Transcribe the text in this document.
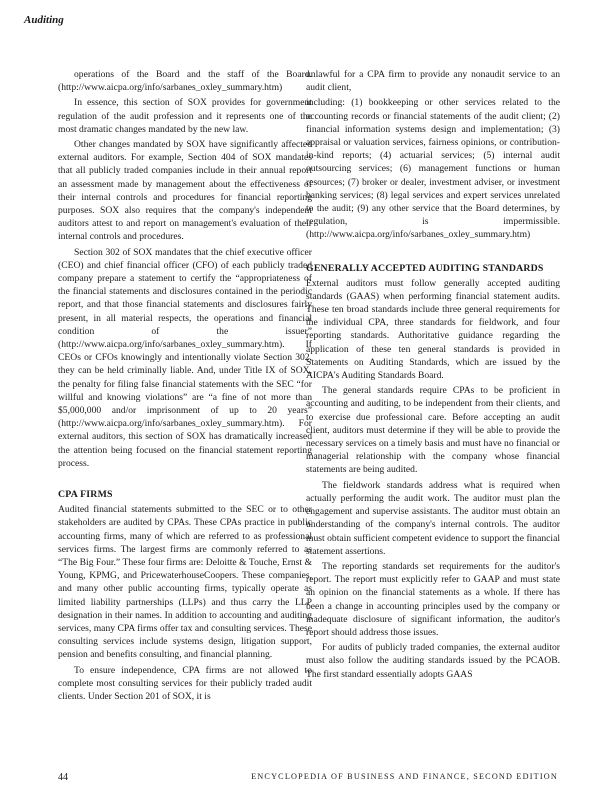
Auditing

operations of the Board and the staff of the Board. (http://www.aicpa.org/info/sarbanes_oxley_summary.htm)

In essence, this section of SOX provides for government regulation of the audit profession and it represents one of the most dramatic changes mandated by the new law.

Other changes mandated by SOX have significantly affected external auditors. For example, Section 404 of SOX mandates that all publicly traded companies include in their annual report an assessment made by management about the effectiveness of their internal controls and procedures for financial reporting purposes. SOX also requires that the company's independent auditors attest to and report on management's evaluation of their internal controls and procedures.

Section 302 of SOX mandates that the chief executive officer (CEO) and chief financial officer (CFO) of each publicly traded company prepare a statement to certify the “appropriateness of the financial statements and disclosures contained in the periodic report, and that those financial statements and disclosures fairly present, in all material respects, the operations and financial condition of the issuer” (http://www.aicpa.org/info/sarbanes_oxley_summary.htm). If CEOs or CFOs knowingly and intentionally violate Section 302, they can be held criminally liable. And, under Title IX of SOX, the penalty for filing false financial statements with the SEC “for willful and knowing violations” are “a fine of not more than $5,000,000 and/or imprisonment of up to 20 years” (http://www.aicpa.org/info/sarbanes_oxley_summary.htm). For external auditors, this section of SOX has dramatically increased the attention being focused on the financial statement reporting process.

CPA FIRMS

Audited financial statements submitted to the SEC or to other stakeholders are audited by CPAs. These CPAs practice in public accounting firms, many of which are referred to as professional services firms. The largest firms are commonly referred to as “The Big Four.” These four firms are: Deloitte & Touche, Ernst & Young, KPMG, and PricewaterhouseCoopers. These companies, and many other public accounting firms, typically operate as limited liability partnerships (LLPs) and thus carry the LLP designation in their names. In addition to accounting and auditing services, many CPA firms offer tax and consulting services. These consulting services include systems design, litigation support, pension and benefits consulting, and financial planning.

To ensure independence, CPA firms are not allowed to complete most consulting services for their publicly traded audit clients. Under Section 201 of SOX, it is

unlawful for a CPA firm to provide any nonaudit service to an audit client,

including: (1) bookkeeping or other services related to the accounting records or financial statements of the audit client; (2) financial information systems design and implementation; (3) appraisal or valuation services, fairness opinions, or contribution-in-kind reports; (4) actuarial services; (5) internal audit outsourcing services; (6) management functions or human resources; (7) broker or dealer, investment adviser, or investment banking services; (8) legal services and expert services unrelated to the audit; (9) any other service that the Board determines, by regulation, is impermissible. (http://www.aicpa.org/info/sarbanes_oxley_summary.htm)

GENERALLY ACCEPTED AUDITING STANDARDS

External auditors must follow generally accepted auditing standards (GAAS) when performing financial statement audits. These ten broad standards include three general requirements for the individual CPA, three standards for fieldwork, and four reporting standards. Authoritative guidance regarding the application of these ten general standards is provided in Statements on Auditing Standards, which are issued by the AICPA's Auditing Standards Board.

The general standards require CPAs to be proficient in accounting and auditing, to be independent from their clients, and to exercise due professional care. Before accepting an audit client, auditors must determine if they will be able to provide the necessary services on a timely basis and must have no financial or managerial relationship with the company whose financial statements are being audited.

The fieldwork standards address what is required when actually performing the audit work. The auditor must plan the engagement and supervise assistants. The auditor must obtain an understanding of the company's internal controls. The auditor must obtain sufficient competent evidence to support the financial statement assertions.

The reporting standards set requirements for the auditor's report. The report must explicitly refer to GAAP and must state an opinion on the financial statements as a whole. If there has been a change in accounting principles used by the company or inadequate disclosure of significant information, the auditor's report should address those issues.

For audits of publicly traded companies, the external auditor must also follow the auditing standards issued by the PCAOB. The first standard essentially adopts GAAS

44	ENCYCLOPEDIA OF BUSINESS AND FINANCE, SECOND EDITION
